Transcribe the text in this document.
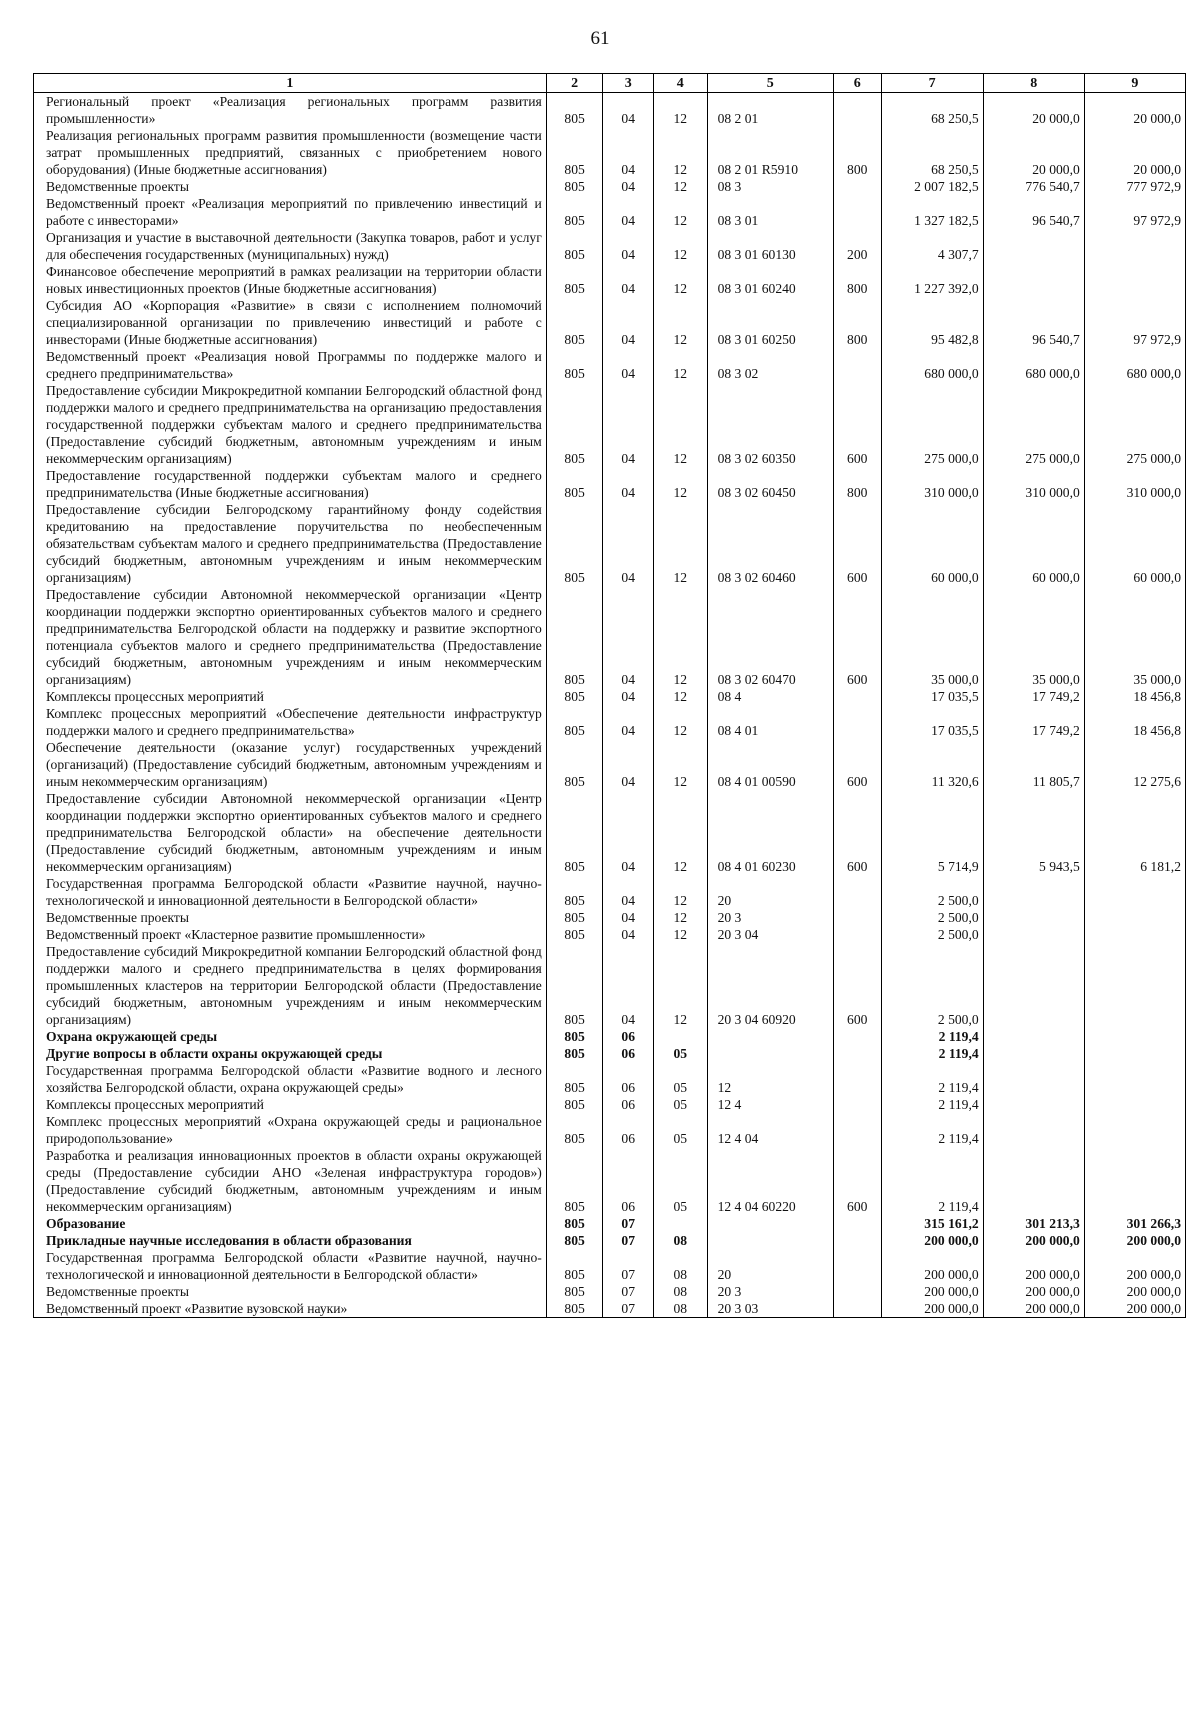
61
1	2	3	4	5	6	7	8	9
Региональный проект «Реализация региональных программ развития промышленности»	805	04	12	08 2 01		68 250,5	20 000,0	20 000,0
Реализация региональных программ развития промышленности (возмещение части затрат промышленных предприятий, связанных с приобретением нового оборудования) (Иные бюджетные ассигнования)	805	04	12	08 2 01 R5910	800	68 250,5	20 000,0	20 000,0
Ведомственные проекты	805	04	12	08 3		2 007 182,5	776 540,7	777 972,9
Ведомственный проект «Реализация мероприятий по привлечению инвестиций и работе с инвесторами»	805	04	12	08 3 01		1 327 182,5	96 540,7	97 972,9
Организация и участие в выставочной деятельности (Закупка товаров, работ и услуг для обеспечения государственных (муниципальных) нужд)	805	04	12	08 3 01 60130	200	4 307,7		
Финансовое обеспечение мероприятий в рамках реализации на территории области новых инвестиционных проектов (Иные бюджетные ассигнования)	805	04	12	08 3 01 60240	800	1 227 392,0		
Субсидия АО «Корпорация «Развитие» в связи с исполнением полномочий специализированной организации по привлечению инвестиций и работе с инвесторами (Иные бюджетные ассигнования)	805	04	12	08 3 01 60250	800	95 482,8	96 540,7	97 972,9
Ведомственный проект «Реализация новой Программы по поддержке малого и среднего предпринимательства»	805	04	12	08 3 02		680 000,0	680 000,0	680 000,0
Предоставление субсидии Микрокредитной компании Белгородский областной фонд поддержки малого и среднего предпринимательства на организацию предоставления государственной поддержки субъектам малого и среднего предпринимательства (Предоставление субсидий бюджетным, автономным учреждениям и иным некоммерческим организациям)	805	04	12	08 3 02 60350	600	275 000,0	275 000,0	275 000,0
Предоставление государственной поддержки субъектам малого и среднего предпринимательства (Иные бюджетные ассигнования)	805	04	12	08 3 02 60450	800	310 000,0	310 000,0	310 000,0
Предоставление субсидии Белгородскому гарантийному фонду содействия кредитованию на предоставление поручительства по необеспеченным обязательствам субъектам малого и среднего предпринимательства (Предоставление субсидий бюджетным, автономным учреждениям и иным некоммерческим организациям)	805	04	12	08 3 02 60460	600	60 000,0	60 000,0	60 000,0
Предоставление субсидии Автономной некоммерческой организации «Центр координации поддержки экспортно ориентированных субъектов малого и среднего предпринимательства Белгородской области на поддержку и развитие экспортного потенциала субъектов малого и среднего предпринимательства (Предоставление субсидий бюджетным, автономным учреждениям и иным некоммерческим организациям)	805	04	12	08 3 02 60470	600	35 000,0	35 000,0	35 000,0
Комплексы процессных мероприятий	805	04	12	08 4		17 035,5	17 749,2	18 456,8
Комплекс процессных мероприятий «Обеспечение деятельности инфраструктур поддержки малого и среднего предпринимательства»	805	04	12	08 4 01		17 035,5	17 749,2	18 456,8
Обеспечение деятельности (оказание услуг) государственных учреждений (организаций) (Предоставление субсидий бюджетным, автономным учреждениям и иным некоммерческим организациям)	805	04	12	08 4 01 00590	600	11 320,6	11 805,7	12 275,6
Предоставление субсидии Автономной некоммерческой организации «Центр координации поддержки экспортно ориентированных субъектов малого и среднего предпринимательства Белгородской области» на обеспечение деятельности (Предоставление субсидий бюджетным, автономным учреждениям и иным некоммерческим организациям)	805	04	12	08 4 01 60230	600	5 714,9	5 943,5	6 181,2
Государственная программа Белгородской области «Развитие научной, научно-технологической и инновационной деятельности в Белгородской области»	805	04	12	20		2 500,0		
Ведомственные проекты	805	04	12	20 3		2 500,0		
Ведомственный проект «Кластерное развитие промышленности»	805	04	12	20 3 04		2 500,0		
Предоставление субсидий Микрокредитной компании Белгородский областной фонд поддержки малого и среднего предпринимательства в целях формирования промышленных кластеров на территории Белгородской области (Предоставление субсидий бюджетным, автономным учреждениям и иным некоммерческим организациям)	805	04	12	20 3 04 60920	600	2 500,0		
Охрана окружающей среды	805	06				2 119,4		
Другие вопросы в области охраны окружающей среды	805	06	05			2 119,4		
Государственная программа Белгородской области «Развитие водного и лесного хозяйства Белгородской области, охрана окружающей среды»	805	06	05	12		2 119,4		
Комплексы процессных мероприятий	805	06	05	12 4		2 119,4		
Комплекс процессных мероприятий «Охрана окружающей среды и рациональное природопользование»	805	06	05	12 4 04		2 119,4		
Разработка и реализация инновационных проектов в области охраны окружающей среды (Предоставление субсидии АНО «Зеленая инфраструктура городов») (Предоставление субсидий бюджетным, автономным учреждениям и иным некоммерческим организациям)	805	06	05	12 4 04 60220	600	2 119,4		
Образование	805	07				315 161,2	301 213,3	301 266,3
Прикладные научные исследования в области образования	805	07	08			200 000,0	200 000,0	200 000,0
Государственная программа Белгородской области «Развитие научной, научно-технологической и инновационной деятельности в Белгородской области»	805	07	08	20		200 000,0	200 000,0	200 000,0
Ведомственные проекты	805	07	08	20 3		200 000,0	200 000,0	200 000,0
Ведомственный проект «Развитие вузовской науки»	805	07	08	20 3 03		200 000,0	200 000,0	200 000,0
